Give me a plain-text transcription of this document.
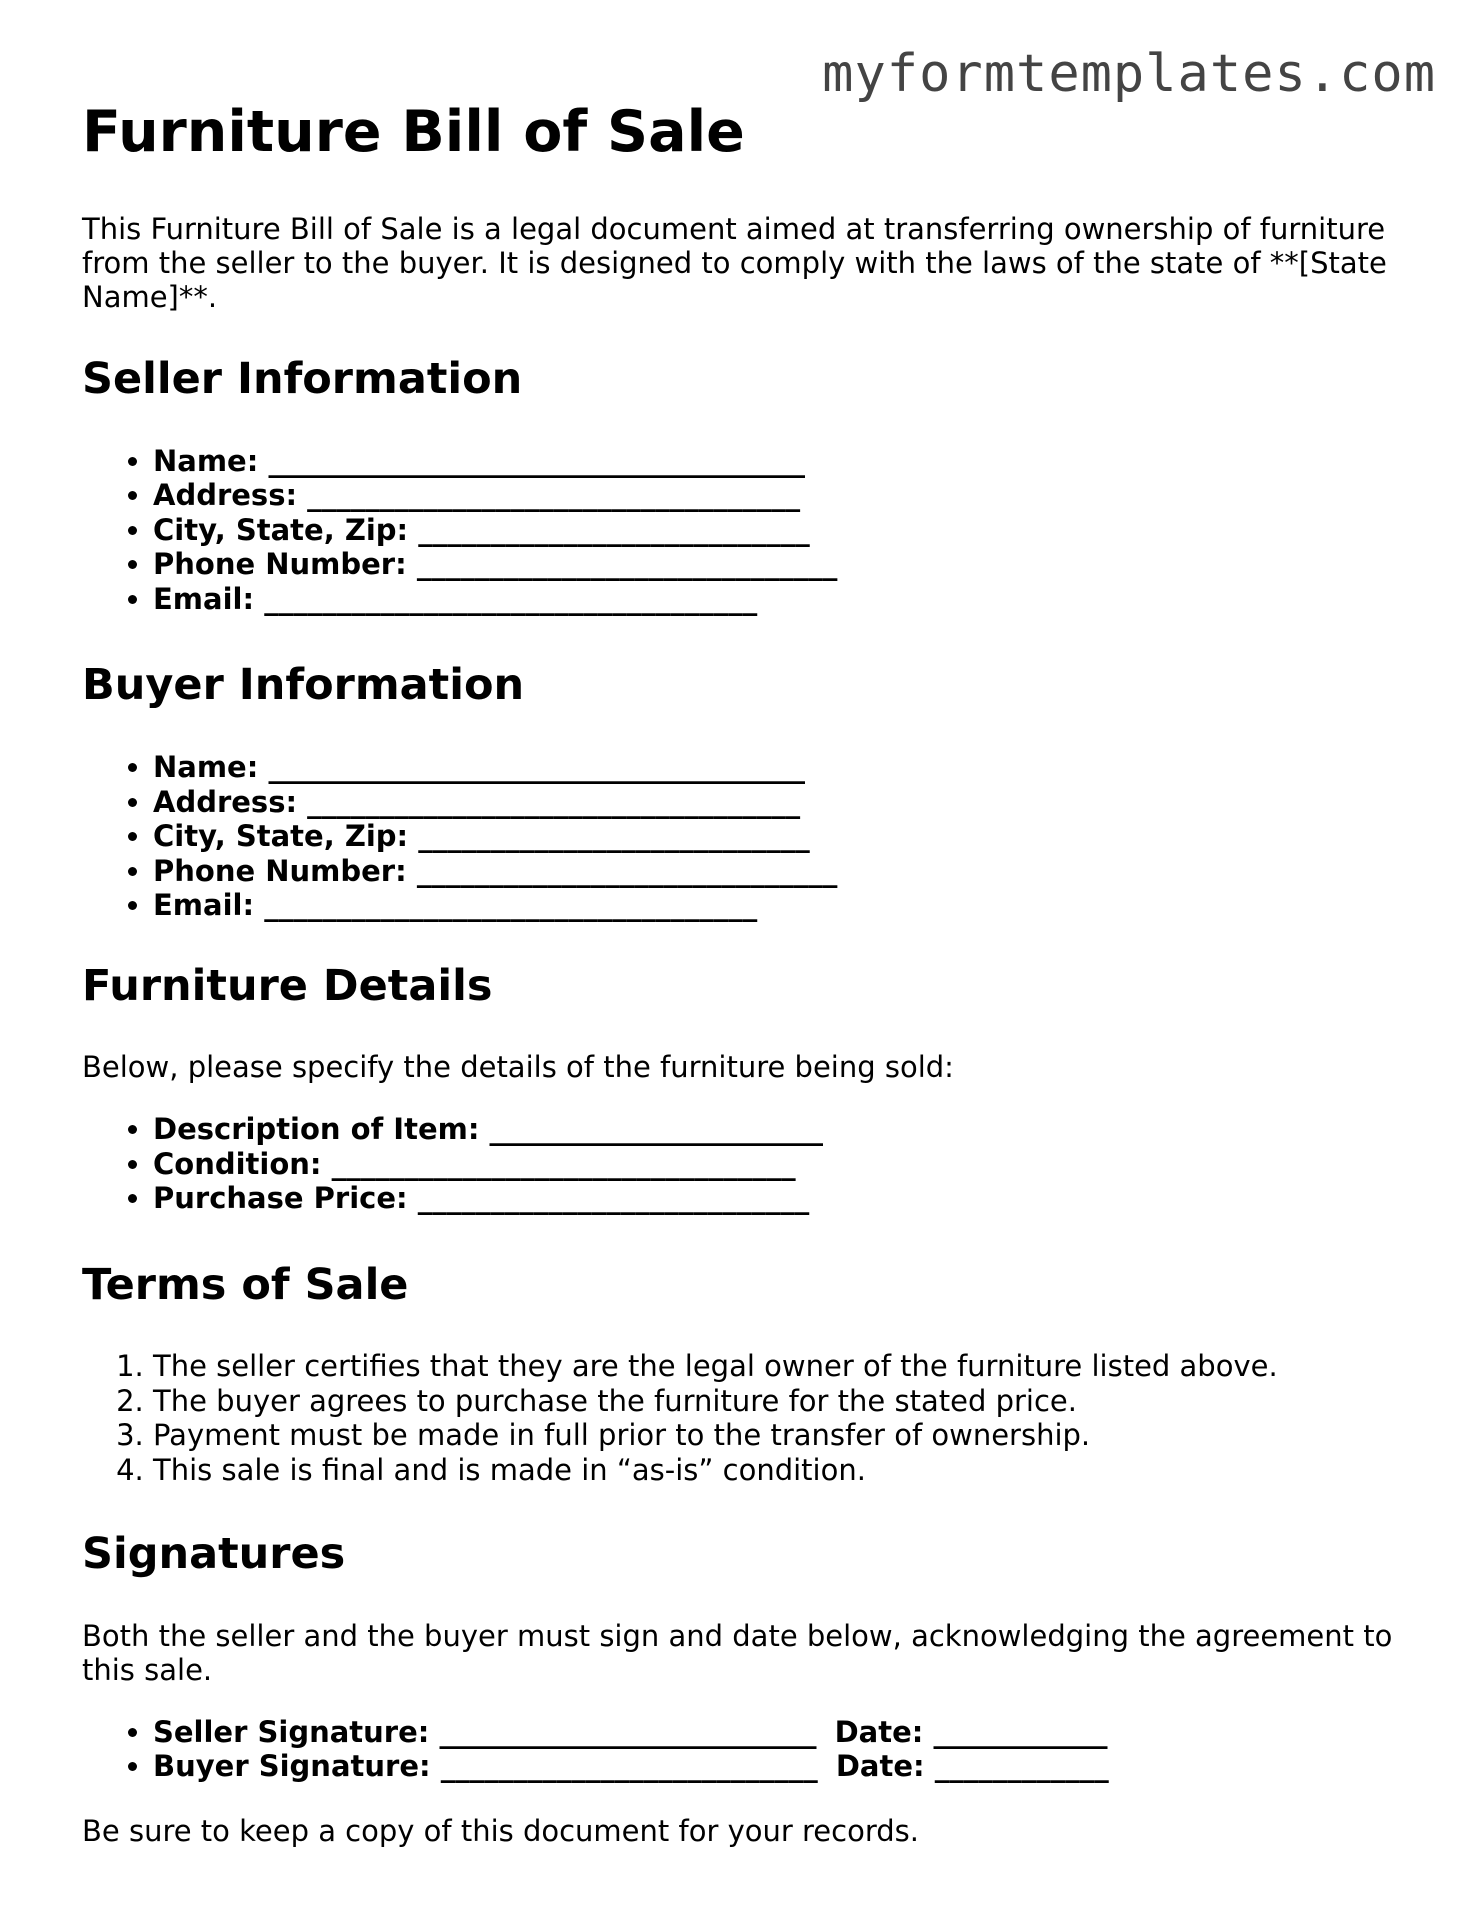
myformtemplates.com
Furniture Bill of Sale

This Furniture Bill of Sale is a legal document aimed at transferring ownership of furniture from the seller to the buyer. It is designed to comply with the laws of the state of **[State Name]**.

Seller Information
• Name: _____________________________________
• Address: __________________________________
• City, State, Zip: ___________________________
• Phone Number: _____________________________
• Email: __________________________________
Buyer Information
• Name: _____________________________________
• Address: __________________________________
• City, State, Zip: ___________________________
• Phone Number: _____________________________
• Email: __________________________________
Furniture Details

Below, please specify the details of the furniture being sold:

• Description of Item: _______________________
• Condition: ________________________________
• Purchase Price: ___________________________
Terms of Sale
1. The seller certifies that they are the legal owner of the furniture listed above.
2. The buyer agrees to purchase the furniture for the stated price.
3. Payment must be made in full prior to the transfer of ownership.
4. This sale is final and is made in “as-is” condition.
Signatures

Both the seller and the buyer must sign and date below, acknowledging the agreement to this sale.

• Seller Signature: __________________________ Date: ____________
• Buyer Signature: __________________________ Date: ____________

Be sure to keep a copy of this document for your records.
